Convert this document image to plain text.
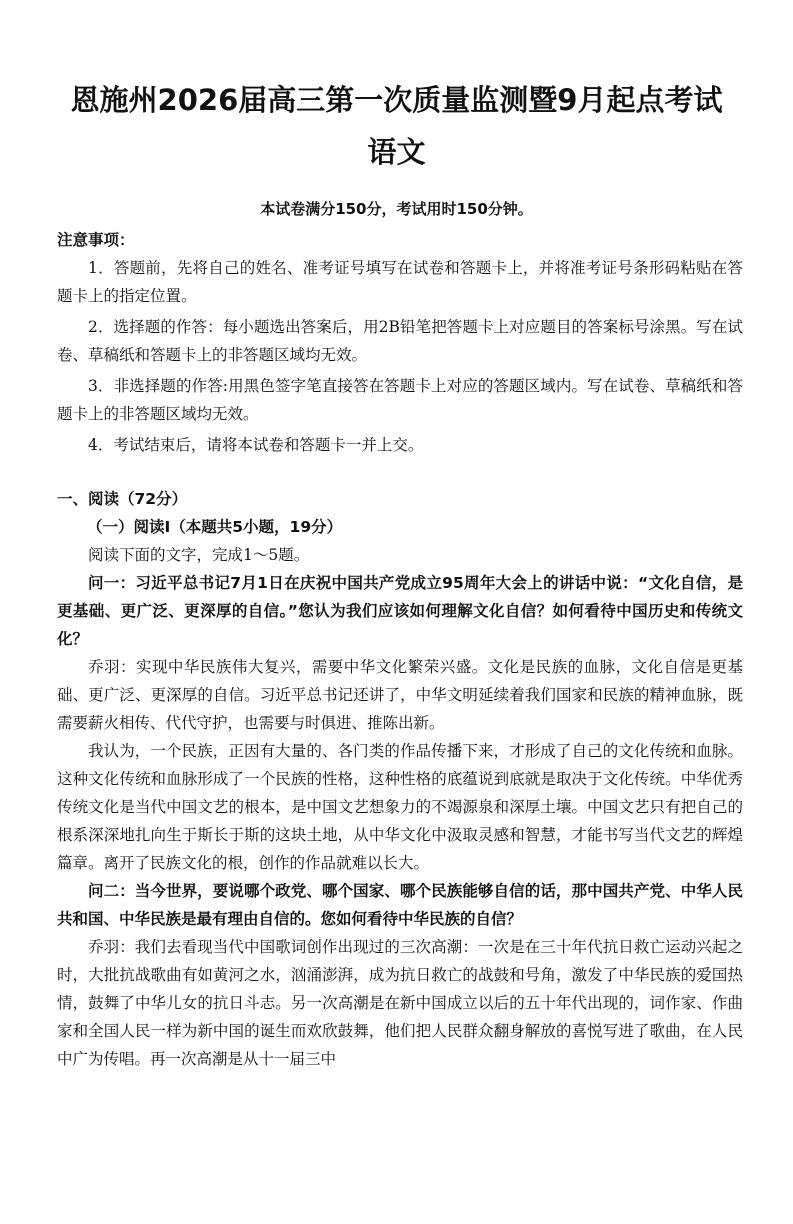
恩施州2026届高三第一次质量监测暨9月起点考试
语文
本试卷满分150分，考试用时150分钟。

注意事项：

1．答题前，先将自己的姓名、准考证号填写在试卷和答题卡上，并将准考证号条形码粘贴在答题卡上的指定位置。

2．选择题的作答：每小题选出答案后，用2B铅笔把答题卡上对应题目的答案标号涂黑。写在试卷、草稿纸和答题卡上的非答题区域均无效。

3．非选择题的作答:用黑色签字笔直接答在答题卡上对应的答题区域内。写在试卷、草稿纸和答题卡上的非答题区域均无效。

4．考试结束后，请将本试卷和答题卡一并上交。

一、阅读（72分）

（一）阅读Ⅰ（本题共5小题，19分）

阅读下面的文字，完成1～5题。

问一：习近平总书记7月1日在庆祝中国共产党成立95周年大会上的讲话中说：“文化自信，是更基础、更广泛、更深厚的自信。”您认为我们应该如何理解文化自信？如何看待中国历史和传统文化？

乔羽：实现中华民族伟大复兴，需要中华文化繁荣兴盛。文化是民族的血脉，文化自信是更基础、更广泛、更深厚的自信。习近平总书记还讲了，中华文明延续着我们国家和民族的精神血脉，既需要薪火相传、代代守护，也需要与时俱进、推陈出新。

我认为，一个民族，正因有大量的、各门类的作品传播下来，才形成了自己的文化传统和血脉。这种文化传统和血脉形成了一个民族的性格，这种性格的底蕴说到底就是取决于文化传统。中华优秀传统文化是当代中国文艺的根本，是中国文艺想象力的不竭源泉和深厚土壤。中国文艺只有把自己的根系深深地扎向生于斯长于斯的这块土地，从中华文化中汲取灵感和智慧，才能书写当代文艺的辉煌篇章。离开了民族文化的根，创作的作品就难以长大。

问二：当今世界，要说哪个政党、哪个国家、哪个民族能够自信的话，那中国共产党、中华人民共和国、中华民族是最有理由自信的。您如何看待中华民族的自信？

乔羽：我们去看现当代中国歌词创作出现过的三次高潮：一次是在三十年代抗日救亡运动兴起之时，大批抗战歌曲有如黄河之水，汹涌澎湃，成为抗日救亡的战鼓和号角，激发了中华民族的爱国热情，鼓舞了中华儿女的抗日斗志。另一次高潮是在新中国成立以后的五十年代出现的，词作家、作曲家和全国人民一样为新中国的诞生而欢欣鼓舞，他们把人民群众翻身解放的喜悦写进了歌曲，在人民中广为传唱。再一次高潮是从十一届三中
